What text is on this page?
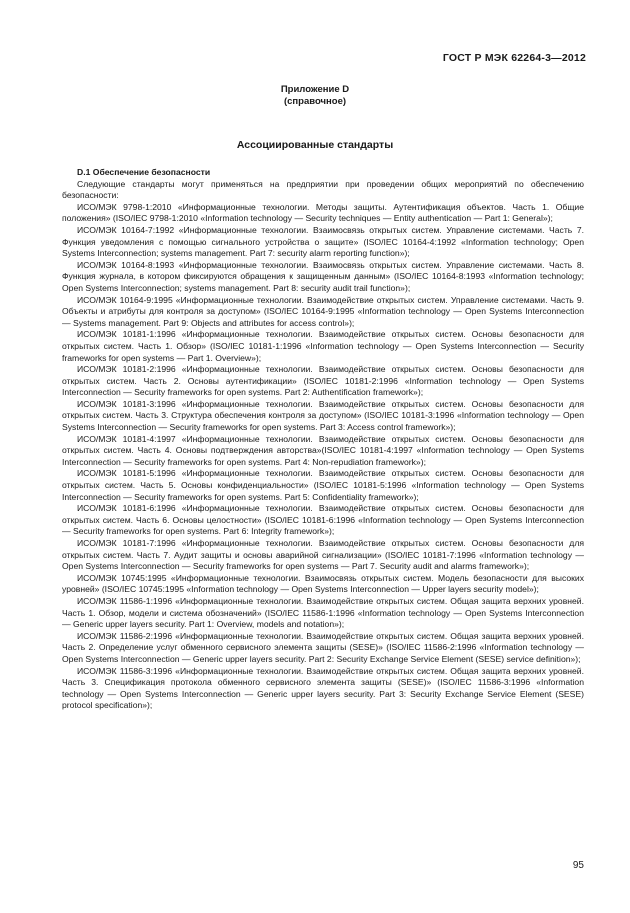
ГОСТ Р МЭК 62264-3—2012
Приложение D
(справочное)
Ассоциированные стандарты

D.1 Обеспечение безопасности

Следующие стандарты могут применяться на предприятии при проведении общих мероприятий по обеспечению безопасности:

ИСО/МЭК 9798-1:2010 «Информационные технологии. Методы защиты. Аутентификация объектов. Часть 1. Общие положения» (ISO/IEC 9798-1:2010 «Information technology — Security techniques — Entity authentication — Part 1: General»);

ИСО/МЭК 10164-7:1992 «Информационные технологии. Взаимосвязь открытых систем. Управление системами. Часть 7. Функция уведомления с помощью сигнального устройства о защите» (ISO/IEC 10164-4:1992 «Information technology; Open Systems Interconnection; systems management. Part 7: security alarm reporting function»);

ИСО/МЭК 10164-8:1993 «Информационные технологии. Взаимосвязь открытых систем. Управление системами. Часть 8. Функция журнала, в котором фиксируются обращения к защищенным данным» (ISO/IEC 10164-8:1993 «Information technology; Open Systems Interconnection; systems management. Part 8: security audit trail function»);

ИСО/МЭК 10164-9:1995 «Информационные технологии. Взаимодействие открытых систем. Управление системами. Часть 9. Объекты и атрибуты для контроля за доступом» (ISO/IEC 10164-9:1995 «Information technology — Open Systems Interconnection — Systems management. Part 9: Objects and attributes for access control»);

ИСО/МЭК 10181-1:1996 «Информационные технологии. Взаимодействие открытых систем. Основы безопасности для открытых систем. Часть 1. Обзор» (ISO/IEC 10181-1:1996 «Information technology — Open Systems Interconnection — Security frameworks for open systems — Part 1. Overview»);

ИСО/МЭК 10181-2:1996 «Информационные технологии. Взаимодействие открытых систем. Основы безопасности для открытых систем. Часть 2. Основы аутентификации» (ISO/IEC 10181-2:1996 «Information technology — Open Systems Interconnection — Security frameworks for open systems. Part 2: Authentification framework»);

ИСО/МЭК 10181-3:1996 «Информационные технологии. Взаимодействие открытых систем. Основы безопасности для открытых систем. Часть 3. Структура обеспечения контроля за доступом» (ISO/IEC 10181-3:1996 «Information technology — Open Systems Interconnection — Security frameworks for open systems. Part 3: Access control framework»);

ИСО/МЭК 10181-4:1997 «Информационные технологии. Взаимодействие открытых систем. Основы безопасности для открытых систем. Часть 4. Основы подтверждения авторства»(ISO/IEC 10181-4:1997 «Information technology — Open Systems Interconnection — Security frameworks for open systems. Part 4: Non-repudiation framework»);

ИСО/МЭК 10181-5:1996 «Информационные технологии. Взаимодействие открытых систем. Основы безопасности для открытых систем. Часть 5. Основы конфиденциальности» (ISO/IEC 10181-5:1996 «Information technology — Open Systems Interconnection — Security frameworks for open systems. Part 5: Confidentiality framework»);

ИСО/МЭК 10181-6:1996 «Информационные технологии. Взаимодействие открытых систем. Основы безопасности для открытых систем. Часть 6. Основы целостности» (ISO/IEC 10181-6:1996 «Information technology — Open Systems Interconnection — Security frameworks for open systems. Part 6: Integrity framework»);

ИСО/МЭК 10181-7:1996 «Информационные технологии. Взаимодействие открытых систем. Основы безопасности для открытых систем. Часть 7. Аудит защиты и основы аварийной сигнализации» (ISO/IEC 10181-7:1996 «Information technology — Open Systems Interconnection — Security frameworks for open systems — Part 7. Security audit and alarms framework»);

ИСО/МЭК 10745:1995 «Информационные технологии. Взаимосвязь открытых систем. Модель безопасности для высоких уровней» (ISO/IEC 10745:1995 «Information technology — Open Systems Interconnection — Upper layers security model»);

ИСО/МЭК 11586-1:1996 «Информационные технологии. Взаимодействие открытых систем. Общая защита верхних уровней. Часть 1. Обзор, модели и система обозначений» (ISO/IEC 11586-1:1996 «Information technology — Open Systems Interconnection — Generic upper layers security. Part 1: Overview, models and notation»);

ИСО/МЭК 11586-2:1996 «Информационные технологии. Взаимодействие открытых систем. Общая защита верхних уровней. Часть 2. Определение услуг обменного сервисного элемента защиты (SESE)» (ISO/IEC 11586-2:1996 «Information technology — Open Systems Interconnection — Generic upper layers security. Part 2: Security Exchange Service Element (SESE) service definition»);

ИСО/МЭК 11586-3:1996 «Информационные технологии. Взаимодействие открытых систем. Общая защита верхних уровней. Часть 3. Спецификация протокола обменного сервисного элемента защиты (SESE)» (ISO/IEC 11586-3:1996 «Information technology — Open Systems Interconnection — Generic upper layers security. Part 3: Security Exchange Service Element (SESE) protocol specification»);

95
